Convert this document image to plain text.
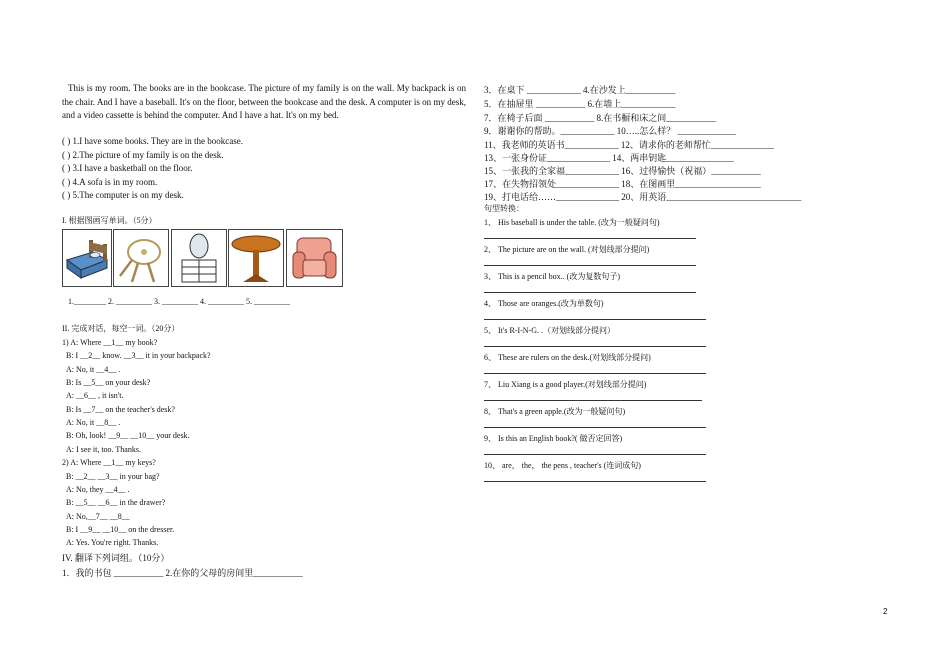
This is my room. The books are in the bookcase. The picture of my family is on the wall. My backpack is on the chair. And I have a baseball. It's on the floor, between the bookcase and the desk. A computer is on my desk, and a video cassette is behind the computer. And I have a hat. It's on my bed.
( ) 1.I have some books. They are in the bookcase.
( ) 2.The picture of my family is on the desk.
( ) 3.I have a basketball on the floor.
( ) 4.A sofa is in my room.
( ) 5.The computer is on my desk.
I. 根据图画写单词。（5分）
1.________ 2. _________ 3. _________ 4. _________ 5. _________
II. 完成对话，每空一词。（20分）
1) A: Where __1__ my book?
B: I __2__ know. __3__ it in your backpack?
A: No, it __4__ .
B: Is __5__ on your desk?
A: __6__ , it isn't.
B: Is __7__ on the teacher's desk?
A: No, it __8__ .
B: Oh, look! __9__ __10__ your desk.
A: I see it, too. Thanks.
2) A: Where __1__ my keys?
B: __2__ __3__ in your bag?
A: No, they __4__ .
B: __5__ __6__ in the drawer?
A: No,__7__ __8__
B: I __9__ __10__ on the dresser.
A: Yes. You're right. Thanks.
IV. 翻译下列词组。（10分）
1．我的书包 ___________ 2.在你的父母的房间里___________
3．在桌下 ____________ 4.在沙发上___________
5．在抽屉里 ___________ 6.在墙上____________
7．在椅子后面 ___________ 8.在书橱和床之间___________
9．谢谢你的帮助。____________ 10…..怎么样？ _____________
11、我老师的英语书____________ 12、请求你的老师帮忙______________
13、一张身份证______________ 14、两串钥匙_______________
15、一张我的全家福____________ 16、过得愉快（祝福）___________
17、在失物招领处______________ 18、在图画里___________________
19、打电话给……______________ 20、用英语______________________________
句型转换：
1、 His baseball is under the table. (改为一般疑问句)
2、 The picture are on the wall. (对划线部分提问)
3、 This is a pencil box.. (改为复数句子)
4、 Those are oranges.(改为单数句)
5、 It's R-I-N-G. .（对划线部分提问）
6、 These are rulers on the desk.(对划线部分提问)
7、 Liu Xiang is a good player.(对划线部分提问)
8、 That's a green apple.(改为一般疑问句)
9、 Is this an English book?( 做否定回答)
10、 are， the， the pens , teacher's (连词成句)
2
